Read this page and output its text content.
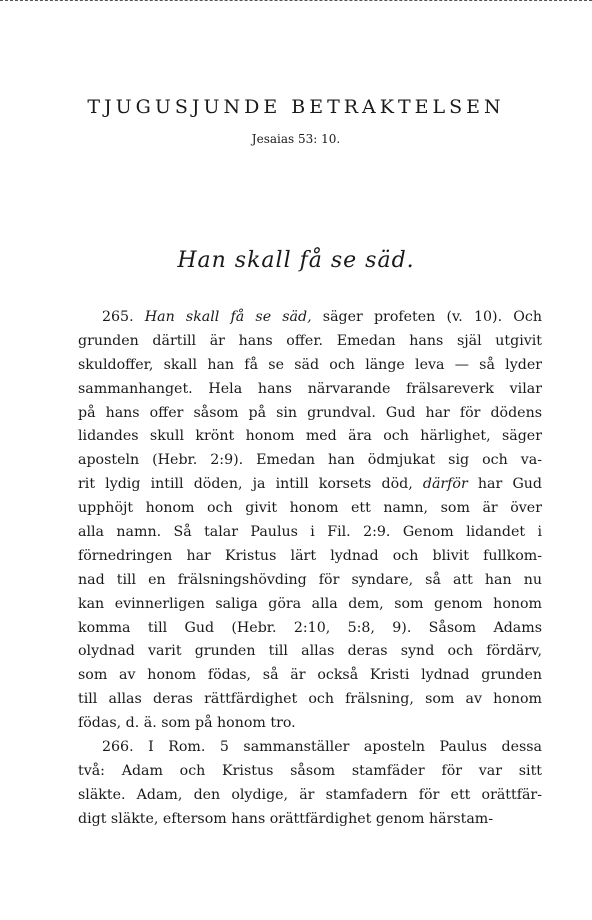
TJUGUSJUNDE BETRAKTELSEN
Jesaias 53: 10.
Han skall få se säd.
265. Han skall få se säd, säger profeten (v. 10). Och
grunden därtill är hans offer. Emedan hans själ utgivit
skuldoffer, skall han få se säd och länge leva — så lyder
sammanhanget. Hela hans närvarande frälsareverk vilar
på hans offer såsom på sin grundval. Gud har för dödens
lidandes skull krönt honom med ära och härlighet, säger
aposteln (Hebr. 2:9). Emedan han ödmjukat sig och va-
rit lydig intill döden, ja intill korsets död, därför har Gud
upphöjt honom och givit honom ett namn, som är över
alla namn. Så talar Paulus i Fil. 2:9. Genom lidandet i
förnedringen har Kristus lärt lydnad och blivit fullkom-
nad till en frälsningshövding för syndare, så att han nu
kan evinnerligen saliga göra alla dem, som genom honom
komma till Gud (Hebr. 2:10, 5:8, 9). Såsom Adams
olydnad varit grunden till allas deras synd och fördärv,
som av honom födas, så är också Kristi lydnad grunden
till allas deras rättfärdighet och frälsning, som av honom
födas, d. ä. som på honom tro.
266. I Rom. 5 sammanställer aposteln Paulus dessa
två: Adam och Kristus såsom stamfäder för var sitt
släkte. Adam, den olydige, är stamfadern för ett orättfär-
digt släkte, eftersom hans orättfärdighet genom härstam-
